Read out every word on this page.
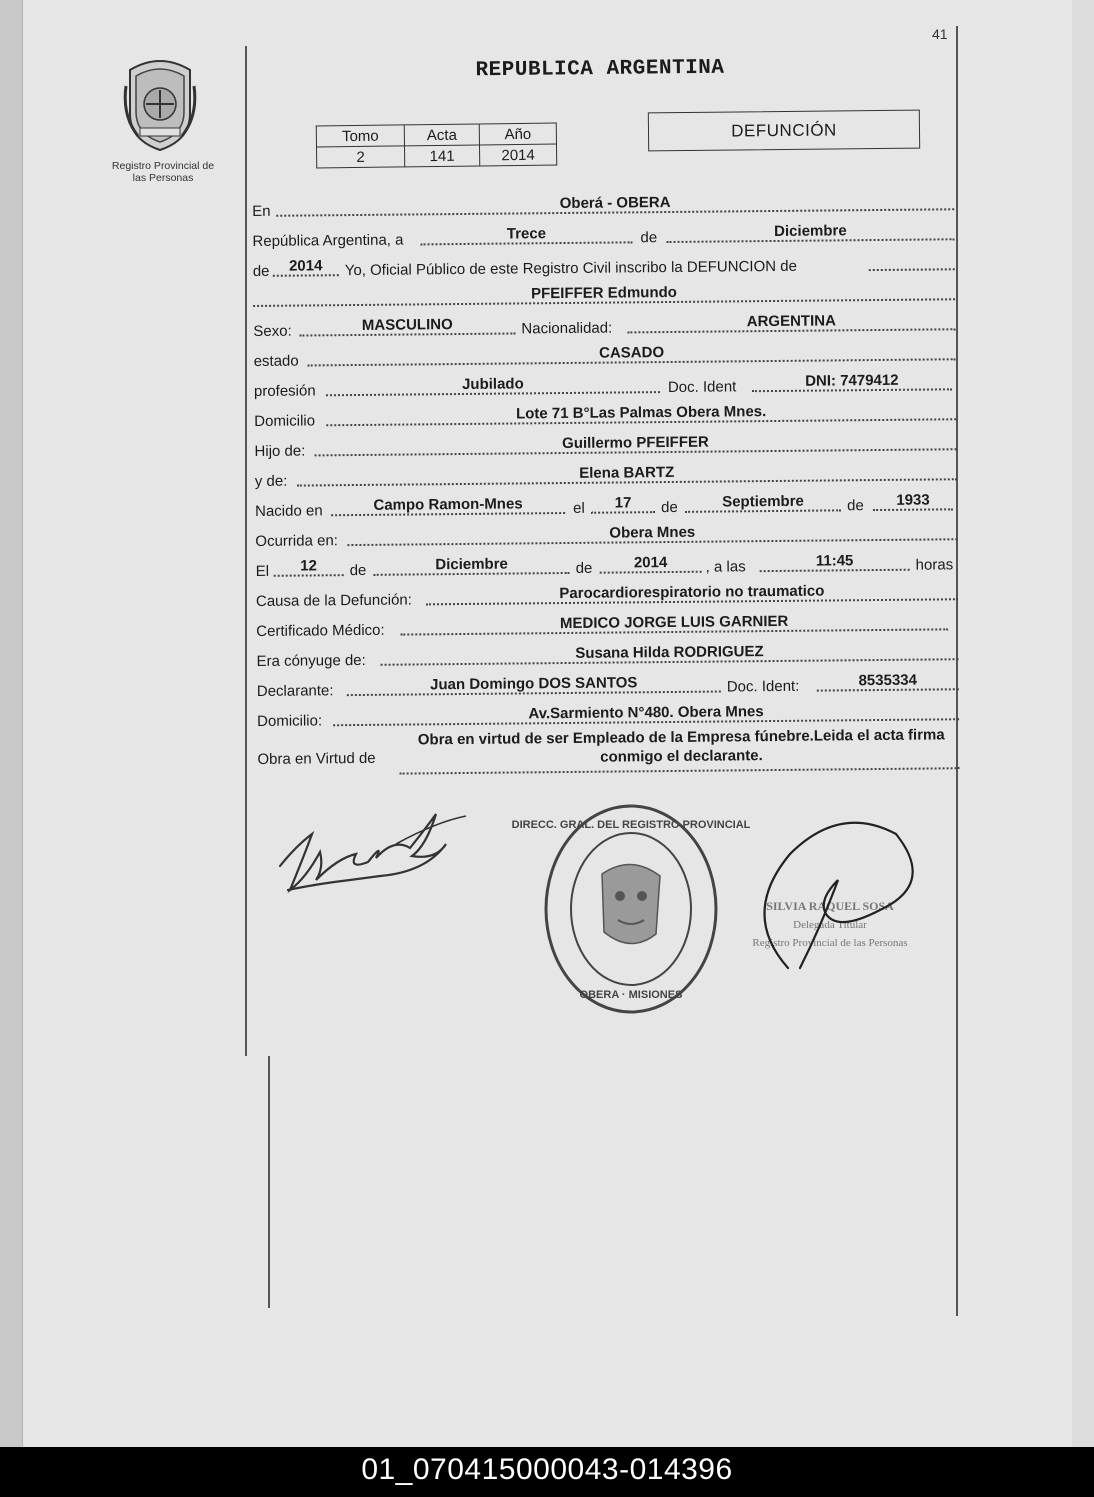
41
Registro Provincial de
las Personas
REPUBLICA ARGENTINA
Tomo	Acta	Año
2	141	2014
DEFUNCIÓN
En	Oberá - OBERA
República Argentina, a	Trece	de	Diciembre
de	2014	Yo, Oficial Público de este Registro Civil inscribo la DEFUNCION de
PFEIFFER Edmundo
Sexo:	MASCULINO	Nacionalidad:	ARGENTINA
estado	CASADO
profesión	Jubilado	Doc. Ident	DNI: 7479412
Domicilio	Lote 71 B°Las Palmas Obera Mnes.
Hijo de:	Guillermo PFEIFFER
y de:	Elena BARTZ
Nacido en	Campo Ramon-Mnes	el	17	de	Septiembre	de	1933
Ocurrida en:	Obera Mnes
El	12	de	Diciembre	de	2014	, a las	11:45	horas
Causa de la Defunción:	Parocardiorespiratorio no traumatico
Certificado Médico:	MEDICO JORGE LUIS GARNIER
Era cónyuge de:	Susana Hilda RODRIGUEZ
Declarante:	Juan Domingo DOS SANTOS	Doc. Ident:	8535334
Domicilio:	Av.Sarmiento N°480. Obera Mnes
Obra en Virtud de
Obra en virtud de ser Empleado de la Empresa fúnebre.Leida el acta firma conmigo el declarante.
DIRECC. GRAL. DEL REGISTRO PROVINCIAL
OBERA · MISIONES
SILVIA RAQUEL SOSA
Delegada Titular
Registro Provincial de las Personas
01_070415000043-014396
